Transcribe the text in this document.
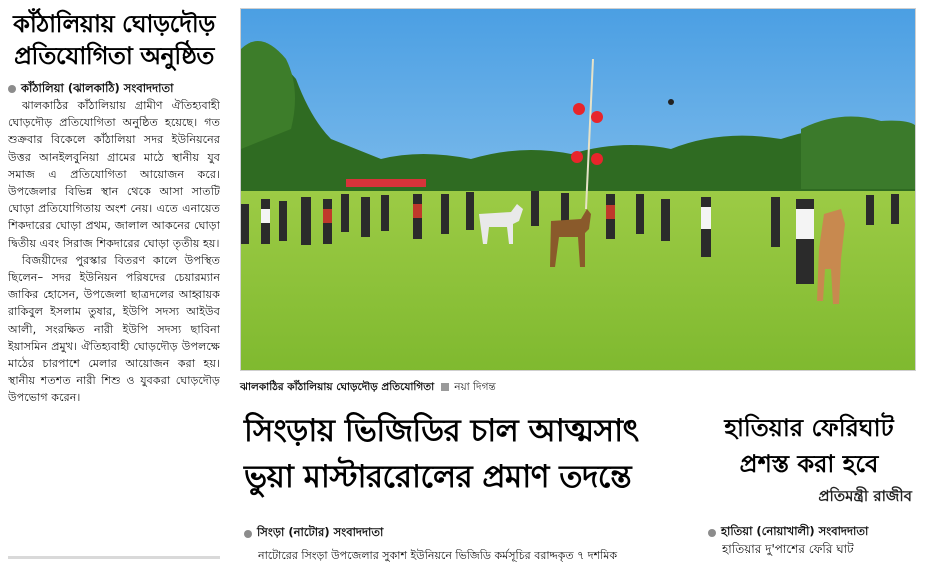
কাঁঠালিয়ায় ঘোড়দৌড়
প্রতিযোগিতা অনুষ্ঠিত
কাঁঠালিয়া (ঝালকাঠি) সংবাদদাতা

ঝালকাঠির কাঁঠালিয়ায় গ্রামীণ ঐতিহ্যবাহী ঘোড়দৌড় প্রতিযোগিতা অনুষ্ঠিত হয়েছে। গত শুক্রবার বিকেলে কাঁঠালিয়া সদর ইউনিয়নের উত্তর আনইলবুনিয়া গ্রামের মাঠে স্থানীয় যুব সমাজ এ প্রতিযোগিতা আয়োজন করে। উপজেলার বিভিন্ন স্থান থেকে আসা সাতটি ঘোড়া প্রতিযোগিতায় অংশ নেয়। এতে এনায়েত শিকদারের ঘোড়া প্রথম, জালাল আকনের ঘোড়া দ্বিতীয় এবং সিরাজ শিকদারের ঘোড়া তৃতীয় হয়।

বিজয়ীদের পুরস্কার বিতরণ কালে উপস্থিত ছিলেন– সদর ইউনিয়ন পরিষদের চেয়ারম্যান জাকির হোসেন, উপজেলা ছাত্রদলের আহ্বায়ক রাকিবুল ইসলাম তুষার, ইউপি সদস্য আইউব আলী, সংরক্ষিত নারী ইউপি সদস্য ছাবিনা ইয়াসমিন প্রমুখ। ঐতিহ্যবাহী ঘোড়দৌড় উপলক্ষে মাঠের চারপাশে মেলার আয়োজন করা হয়। স্থানীয় শতশত নারী শিশু ও যুবকরা ঘোড়দৌড় উপভোগ করেন।

ঝালকাঠির কাঁঠালিয়ায় ঘোড়দৌড় প্রতিযোগিতা নয়া দিগন্ত
সিংড়ায় ভিজিডির চাল আত্মসাৎ
ভুয়া মাস্টাররোলের প্রমাণ তদন্তে
সিংড়া (নাটোর) সংবাদদাতা
নাটোরের সিংড়া উপজেলার সুকাশ ইউনিয়নে ভিজিডি কর্মসূচির বরাদ্দকৃত ৭ দশমিক
হাতিয়ার ফেরিঘাট
প্রশস্ত করা হবে
প্রতিমন্ত্রী রাজীব
হাতিয়া (নোয়াখালী) সংবাদদাতা
হাতিয়ার দু'পাশের ফেরি ঘাট
